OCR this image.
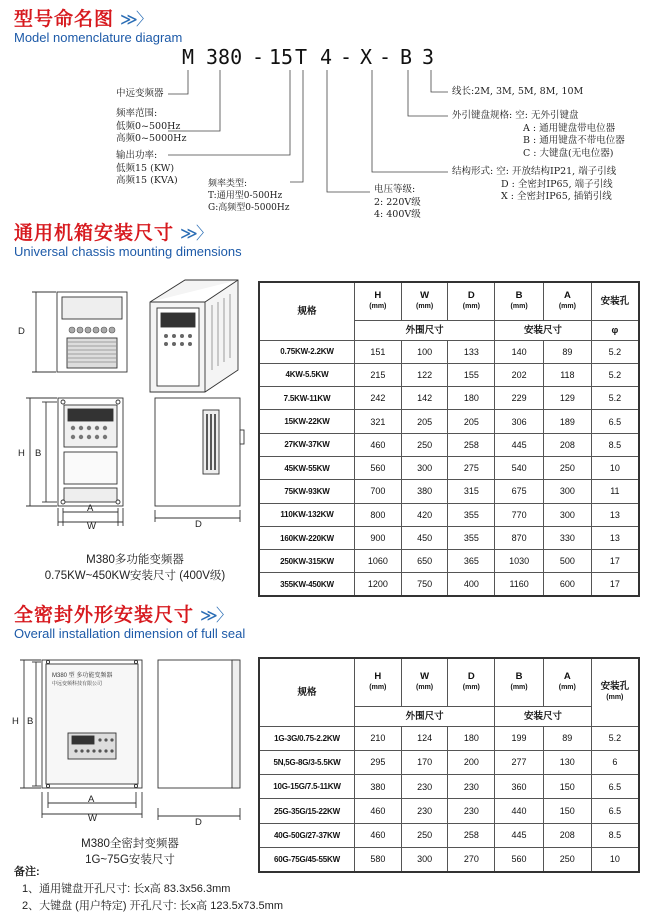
型号命名图 ≫〉
Model nomenclature diagram
M 380 - 15 T 4 - X - B 3
中远变频器
频率范围:
低频0~500Hz
高频0~5000Hz
输出功率:
低频15 (KW)
高频15 (KVA)	频率类型:
T:通用型0-500Hz
G:高频型0-5000Hz
电压等级:
2: 220V级
4: 400V级
线长:2M, 3M, 5M, 8M, 10M
外引键盘规格: 空: 无外引键盘
A : 通用键盘带电位器
B : 通用键盘不带电位器
C : 大键盘(无电位器)
结构形式: 空: 开放结构IP21, 端子引线
D : 全密封IP65, 端子引线
X : 全密封IP65, 插销引线
通用机箱安装尺寸 ≫〉
Universal chassis mounting dimensions
D
H B
A
W	D
M380多功能变频器
0.75KW~450KW安装尺寸 (400V级)
规格	H
(mm)	W
(mm)	D
(mm)	B
(mm)	A
(mm)	安装孔
	外围尺寸			安装尺寸		φ
0.75KW-2.2KW	151	100	133	140	89	5.2
4KW-5.5KW	215	122	155	202	118	5.2
7.5KW-11KW	242	142	180	229	129	5.2
15KW-22KW	321	205	205	306	189	6.5
27KW-37KW	460	250	258	445	208	8.5
45KW-55KW	560	300	275	540	250	10
75KW-93KW	700	380	315	675	300	11
110KW-132KW	800	420	355	770	300	13
160KW-220KW	900	450	355	870	330	13
250KW-315KW	1060	650	365	1030	500	17
355KW-450KW	1200	750	400	1160	600	17
全密封外形安装尺寸 ≫〉
Overall installation dimension of full seal
M380 型 多功能变频器
中远变频科技有限公司
H B
A
W	D
M380全密封变频器
1G~75G安装尺寸
规格	H
(mm)	W
(mm)	D
(mm)	B
(mm)	A
(mm)	安装孔
(mm)

	外围尺寸			安装尺寸		
1G-3G/0.75-2.2KW	210	124	180	199	89	5.2
5N,5G-8G/3-5.5KW	295	170	200	277	130	6
10G-15G/7.5-11KW	380	230	230	360	150	6.5
25G-35G/15-22KW	460	230	230	440	150	6.5
40G-50G/27-37KW	460	250	258	445	208	8.5
60G-75G/45-55KW	580	300	270	560	250	10
备注:
1、通用键盘开孔尺寸: 长x高 83.3x56.3mm
2、大键盘 (用户特定) 开孔尺寸: 长x高 123.5x73.5mm
